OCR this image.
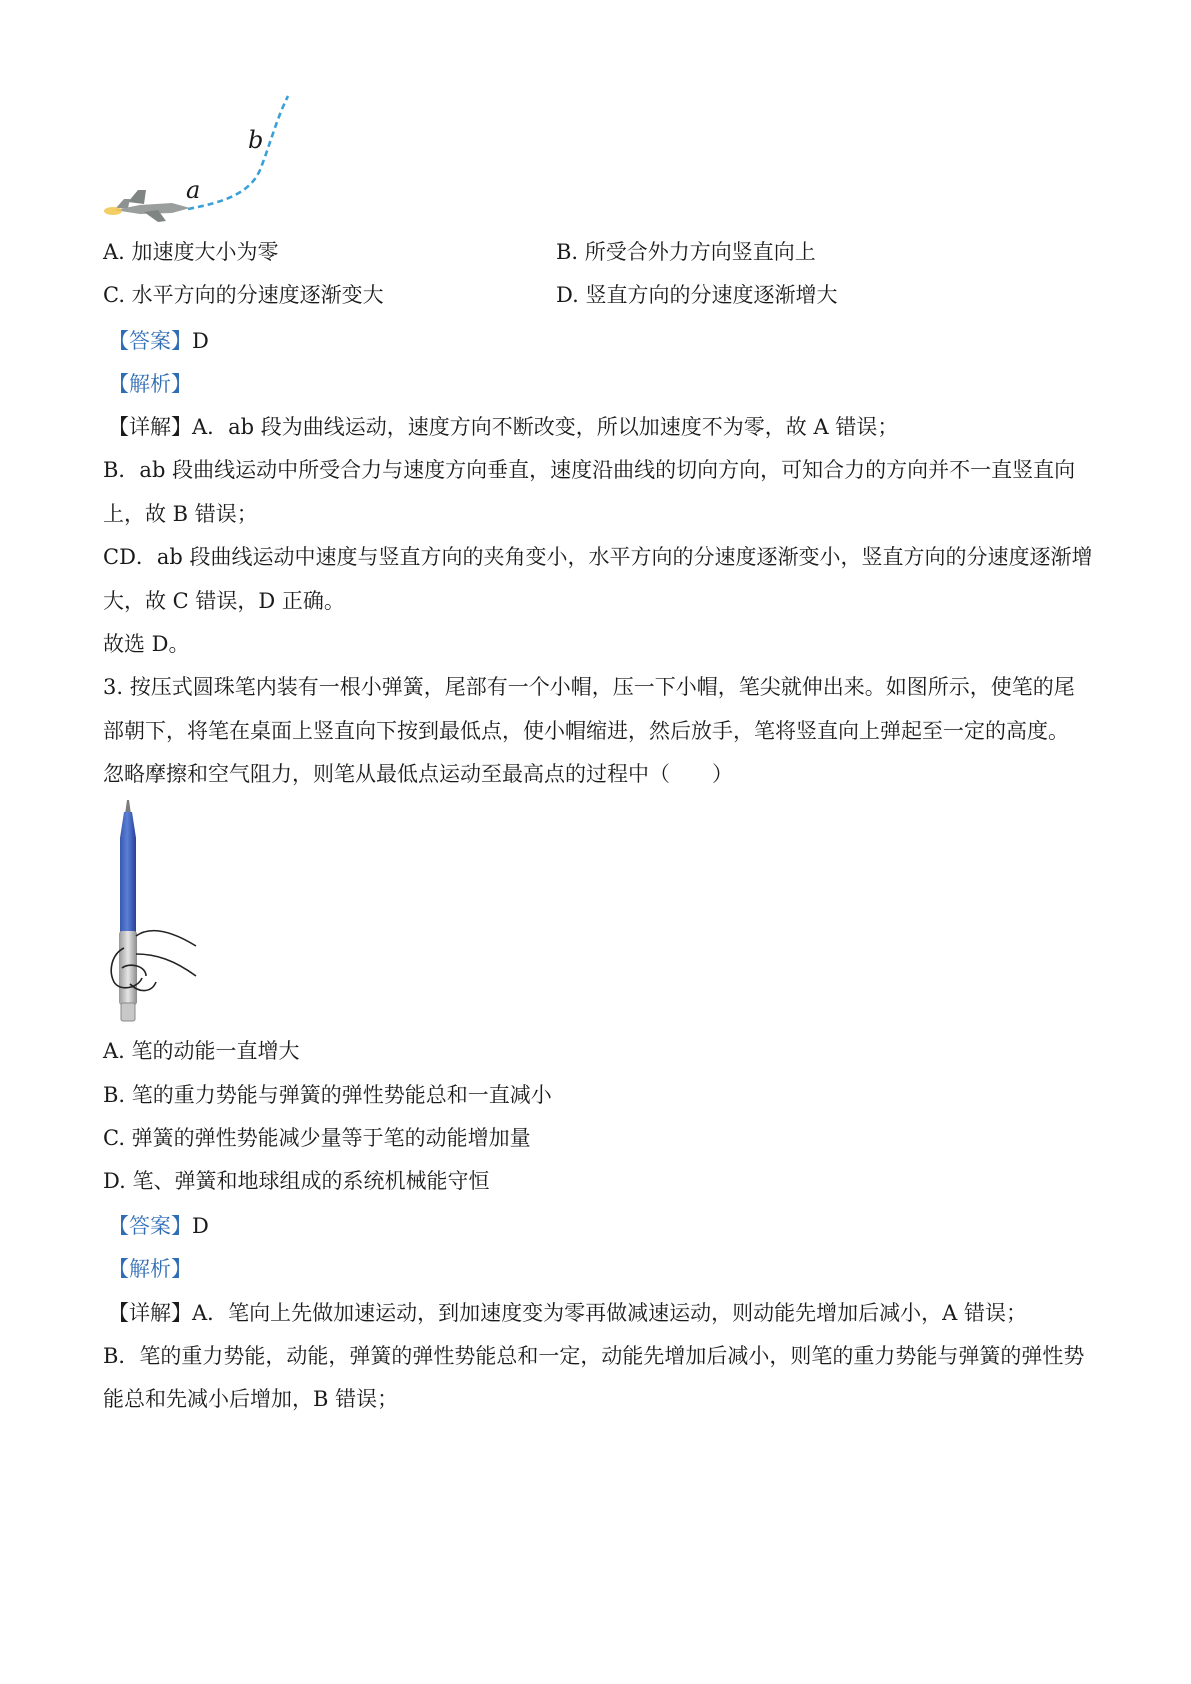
b
a
A. 加速度大小为零	B. 所受合外力方向竖直向上
C. 水平方向的分速度逐渐变大	D. 竖直方向的分速度逐渐增大
【答案】D
【解析】
【详解】A．ab 段为曲线运动，速度方向不断改变，所以加速度不为零，故 A 错误；
B．ab 段曲线运动中所受合力与速度方向垂直，速度沿曲线的切向方向，可知合力的方向并不一直竖直向
上，故 B 错误；
CD．ab 段曲线运动中速度与竖直方向的夹角变小，水平方向的分速度逐渐变小，竖直方向的分速度逐渐增
大，故 C 错误，D 正确。
故选 D。
3. 按压式圆珠笔内装有一根小弹簧，尾部有一个小帽，压一下小帽，笔尖就伸出来。如图所示，使笔的尾
部朝下，将笔在桌面上竖直向下按到最低点，使小帽缩进，然后放手，笔将竖直向上弹起至一定的高度。
忽略摩擦和空气阻力，则笔从最低点运动至最高点的过程中（　　）
A. 笔的动能一直增大
B. 笔的重力势能与弹簧的弹性势能总和一直减小
C. 弹簧的弹性势能减少量等于笔的动能增加量
D. 笔、弹簧和地球组成的系统机械能守恒
【答案】D
【解析】
【详解】A．笔向上先做加速运动，到加速度变为零再做减速运动，则动能先增加后减小，A 错误；
B．笔的重力势能，动能，弹簧的弹性势能总和一定，动能先增加后减小，则笔的重力势能与弹簧的弹性势
能总和先减小后增加，B 错误；
